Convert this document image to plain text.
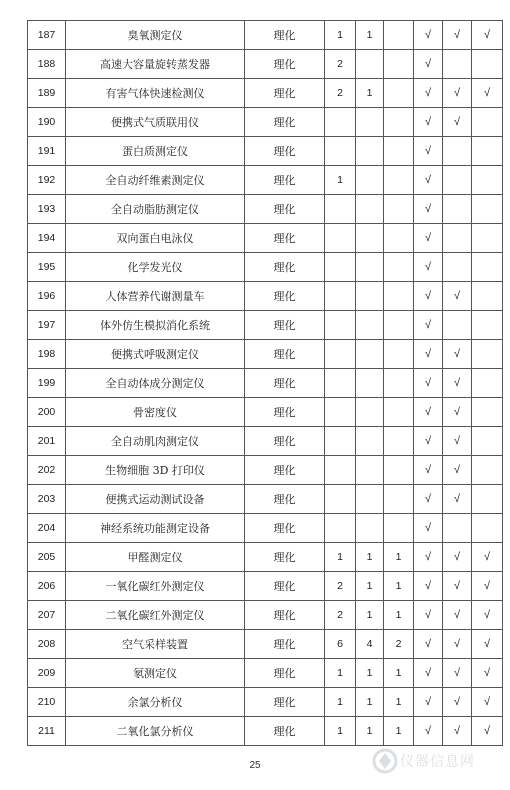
187	臭氧测定仪	理化	1	1		√	√	√
188	高速大容量旋转蒸发器	理化	2			√		
189	有害气体快速检测仪	理化	2	1		√	√	√
190	便携式气质联用仪	理化				√	√	
191	蛋白质测定仪	理化				√		
192	全自动纤维素测定仪	理化	1			√		
193	全自动脂肪测定仪	理化				√		
194	双向蛋白电泳仪	理化				√		
195	化学发光仪	理化				√		
196	人体营养代谢测量车	理化				√	√	
197	体外仿生模拟消化系统	理化				√		
198	便携式呼吸测定仪	理化				√	√	
199	全自动体成分测定仪	理化				√	√	
200	骨密度仪	理化				√	√	
201	全自动肌肉测定仪	理化				√	√	
202	生物细胞 3D 打印仪	理化				√	√	
203	便携式运动测试设备	理化				√	√	
204	神经系统功能测定设备	理化				√		
205	甲醛测定仪	理化	1	1	1	√	√	√
206	一氧化碳红外测定仪	理化	2	1	1	√	√	√
207	二氧化碳红外测定仪	理化	2	1	1	√	√	√
208	空气采样装置	理化	6	4	2	√	√	√
209	氡测定仪	理化	1	1	1	√	√	√
210	余氯分析仪	理化	1	1	1	√	√	√
211	二氧化氯分析仪	理化	1	1	1	√	√	√
25	仪器信息网
